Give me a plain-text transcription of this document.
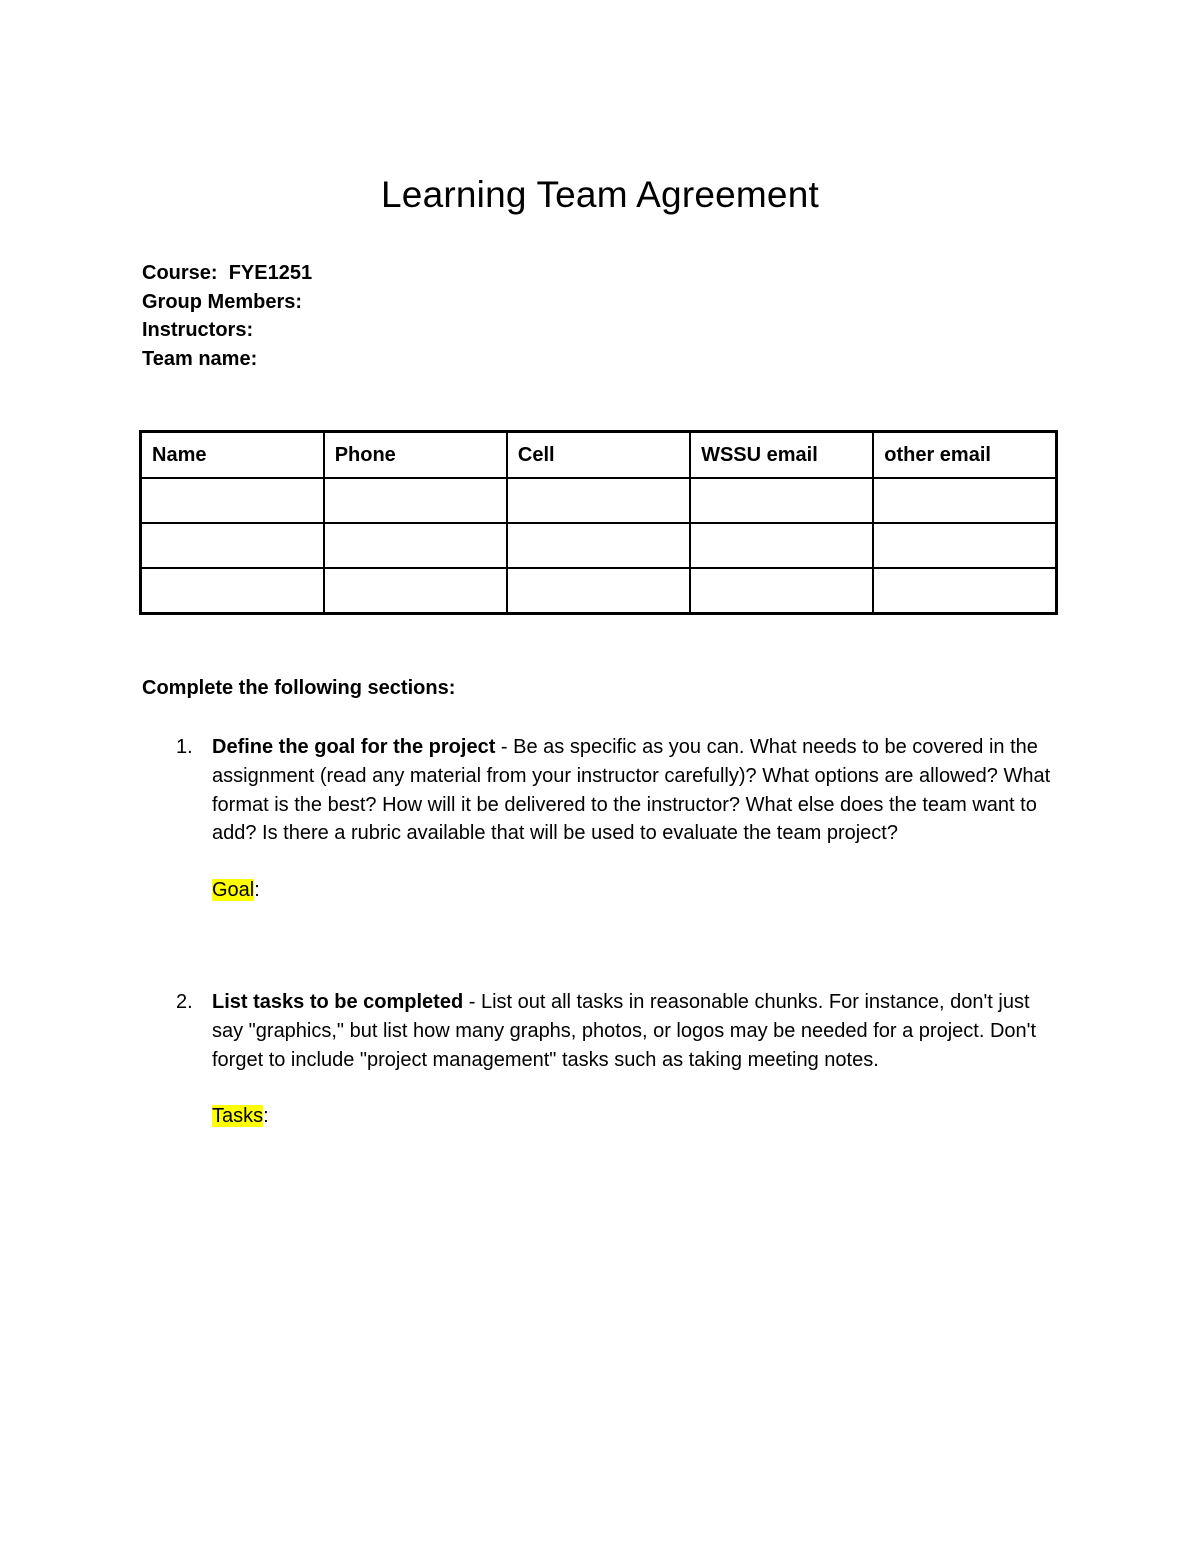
Learning Team Agreement
Course: FYE1251
Group Members:
Instructors:
Team name:
Name	Phone	Cell	WSSU email	other email

Complete the following sections:

1. Define the goal for the project - Be as specific as you can. What needs to be covered in the assignment (read any material from your instructor carefully)? What options are allowed? What format is the best? How will it be delivered to the instructor? What else does the team want to add? Is there a rubric available that will be used to evaluate the team project?
Goal:
2. List tasks to be completed - List out all tasks in reasonable chunks. For instance, don't just say "graphics," but list how many graphs, photos, or logos may be needed for a project. Don't forget to include "project management" tasks such as taking meeting notes.
Tasks:
